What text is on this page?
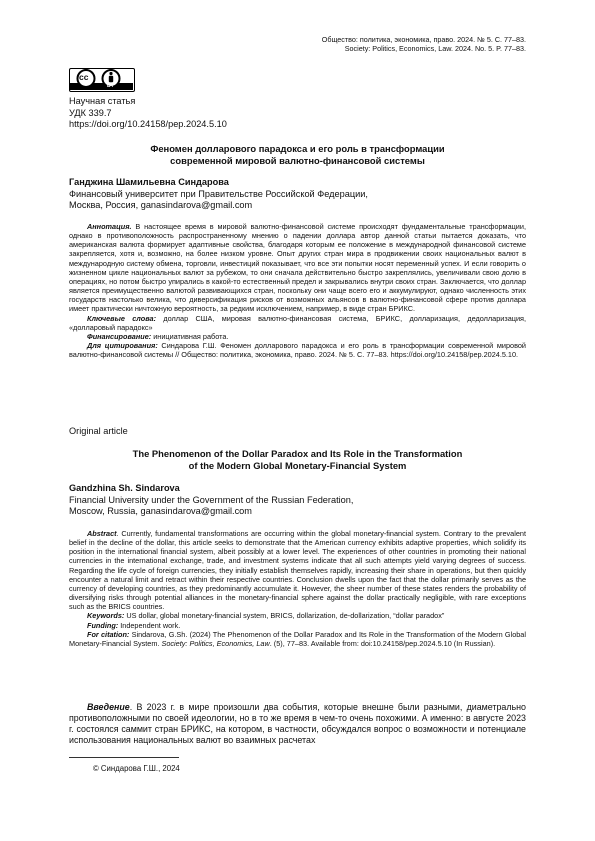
Общество: политика, экономика, право. 2024. № 5. С. 77–83.
Society: Politics, Economics, Law. 2024. No. 5. P. 77–83.
cc
BY
Научная статья
УДК 339.7
https://doi.org/10.24158/pep.2024.5.10
Феномен долларового парадокса и его роль в трансформации
современной мировой валютно-финансовой системы
Ганджина Шамильевна Синдарова
Финансовый университет при Правительстве Российской Федерации,
Москва, Россия, ganasindarova@gmail.com

Аннотация. В настоящее время в мировой валютно-финансовой системе происходят фундаментальные трансформации, однако в противоположность распространенному мнению о падении доллара автор данной статьи пытается доказать, что американская валюта формирует адаптивные свойства, благодаря которым ее положение в международной финансовой системе закрепляется, хотя и, возможно, на более низком уровне. Опыт других стран мира в продвижении своих национальных валют в международную систему обмена, торговли, инвестиций показывает, что все эти попытки носят переменный успех. И если говорить о жизненном цикле национальных валют за рубежом, то они сначала действительно быстро закреплялись, увеличивали свою долю в операциях, но потом быстро упирались в какой-то естественный предел и закрывались внутри своих стран. Заключается, что доллар является преимущественно валютой развивающихся стран, поскольку они чаще всего его и аккумулируют, однако численность этих государств настолько велика, что диверсификация рисков от возможных альянсов в валютно-финансовой сфере против доллара имеет практически ничтожную вероятность, за редким исключением, например, в виде стран БРИКС.

Ключевые слова: доллар США, мировая валютно-финансовая система, БРИКС, долларизация, дедолларизация, «долларовый парадокс»

Финансирование: инициативная работа.

Для цитирования: Синдарова Г.Ш. Феномен долларового парадокса и его роль в трансформации современной мировой валютно-финансовой системы // Общество: политика, экономика, право. 2024. № 5. С. 77–83. https://doi.org/10.24158/pep.2024.5.10.

Original article
The Phenomenon of the Dollar Paradox and Its Role in the Transformation
of the Modern Global Monetary-Financial System
Gandzhina Sh. Sindarova
Financial University under the Government of the Russian Federation,
Moscow, Russia, ganasindarova@gmail.com

Abstract. Currently, fundamental transformations are occurring within the global monetary-financial system. Contrary to the prevalent belief in the decline of the dollar, this article seeks to demonstrate that the American currency exhibits adaptive properties, which solidify its position in the international financial system, albeit possibly at a lower level. The experiences of other countries in promoting their national currencies in the international exchange, trade, and investment systems indicate that all such attempts yield varying degrees of success. Regarding the life cycle of foreign currencies, they initially establish themselves rapidly, increasing their share in operations, but then quickly encounter a natural limit and retract within their respective countries. Conclusion dwells upon the fact that the dollar primarily serves as the currency of developing countries, as they predominantly accumulate it. However, the sheer number of these states renders the probability of diversifying risks through potential alliances in the monetary-financial sphere against the dollar practically negligible, with rare exceptions such as the BRICS countries.

Keywords: US dollar, global monetary-financial system, BRICS, dollarization, de-dollarization, “dollar paradox”

Funding: Independent work.

For citation: Sindarova, G.Sh. (2024) The Phenomenon of the Dollar Paradox and Its Role in the Transformation of the Modern Global Monetary-Financial System. Society: Politics, Economics, Law. (5), 77–83. Available from: doi:10.24158/pep.2024.5.10 (In Russian).

Введение. В 2023 г. в мире произошли два события, которые внешне были разными, диаметрально противоположными по своей идеологии, но в то же время в чем-то очень похожими. А именно: в августе 2023 г. состоялся саммит стран БРИКС, на котором, в частности, обсуждался вопрос о возможности и потенциале использования национальных валют во взаимных расчетах

© Синдарова Г.Ш., 2024
